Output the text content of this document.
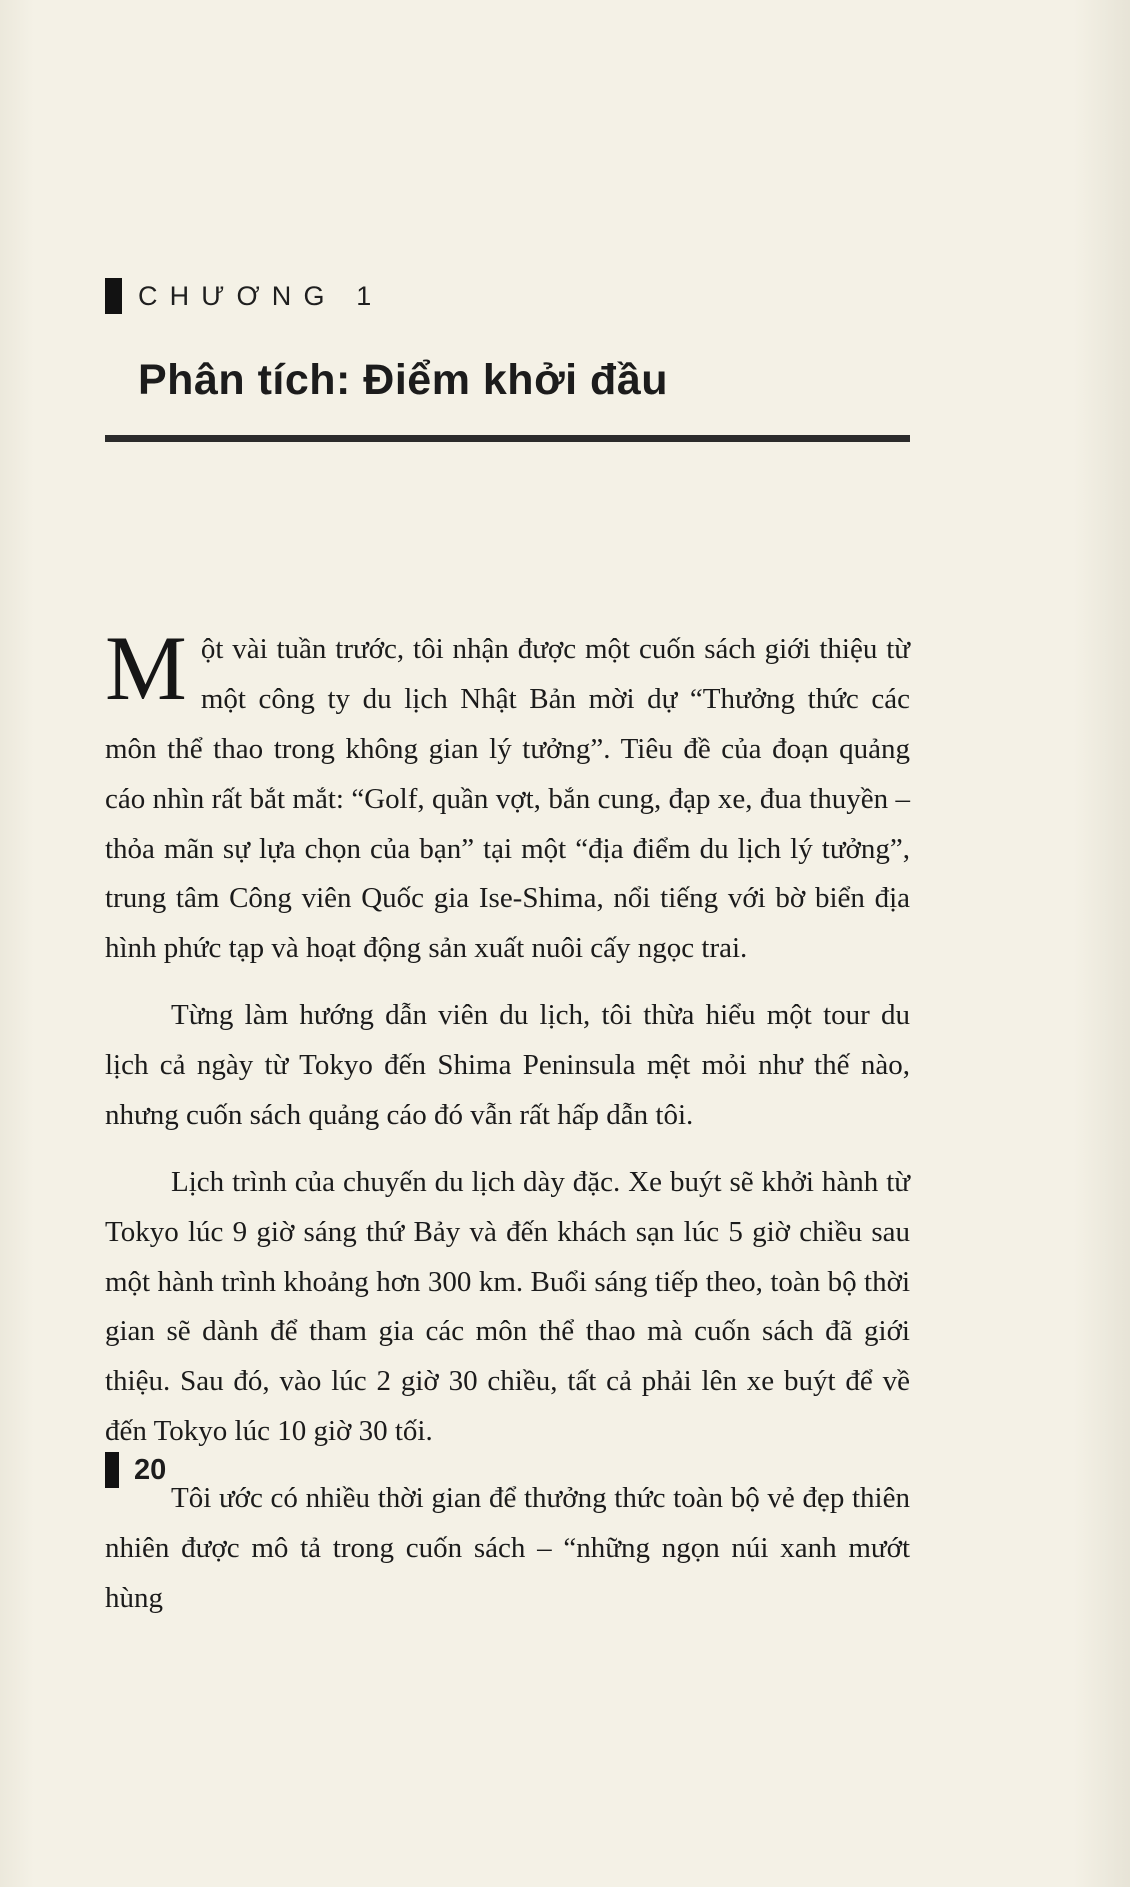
CHƯƠNG 1
Phân tích: Điểm khởi đầu

Một vài tuần trước, tôi nhận được một cuốn sách giới thiệu từ một công ty du lịch Nhật Bản mời dự “Thưởng thức các môn thể thao trong không gian lý tưởng”. Tiêu đề của đoạn quảng cáo nhìn rất bắt mắt: “Golf, quần vợt, bắn cung, đạp xe, đua thuyền – thỏa mãn sự lựa chọn của bạn” tại một “địa điểm du lịch lý tưởng”, trung tâm Công viên Quốc gia Ise-Shima, nổi tiếng với bờ biển địa hình phức tạp và hoạt động sản xuất nuôi cấy ngọc trai.

Từng làm hướng dẫn viên du lịch, tôi thừa hiểu một tour du lịch cả ngày từ Tokyo đến Shima Peninsula mệt mỏi như thế nào, nhưng cuốn sách quảng cáo đó vẫn rất hấp dẫn tôi.

Lịch trình của chuyến du lịch dày đặc. Xe buýt sẽ khởi hành từ Tokyo lúc 9 giờ sáng thứ Bảy và đến khách sạn lúc 5 giờ chiều sau một hành trình khoảng hơn 300 km. Buổi sáng tiếp theo, toàn bộ thời gian sẽ dành để tham gia các môn thể thao mà cuốn sách đã giới thiệu. Sau đó, vào lúc 2 giờ 30 chiều, tất cả phải lên xe buýt để về đến Tokyo lúc 10 giờ 30 tối.

Tôi ước có nhiều thời gian để thưởng thức toàn bộ vẻ đẹp thiên nhiên được mô tả trong cuốn sách – “những ngọn núi xanh mướt hùng

20
